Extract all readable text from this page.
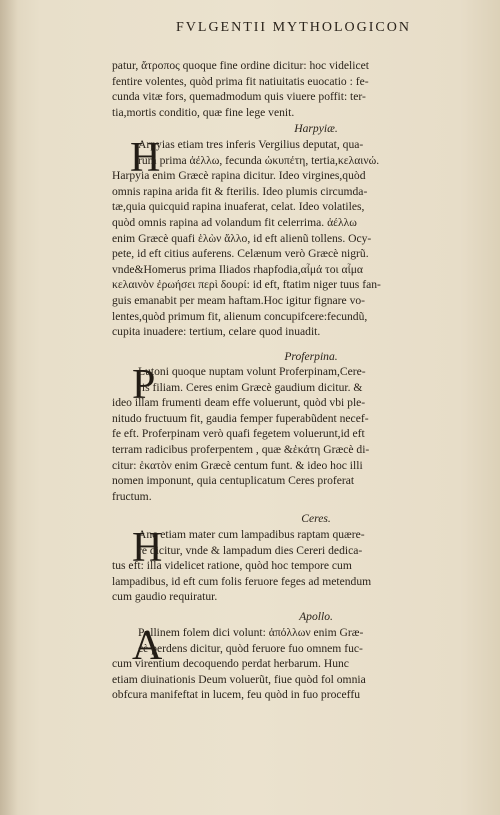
FVLGENTII MYTHOLOGICON
patur, ἄτροπος quoque fine ordine dicitur: hoc videlicet
fentire volentes, quòd prima fit natiuitatis euocatio : fe-
cunda vitæ fors, quemadmodum quis viuere poffit: ter-
tia,mortis conditio, quæ fine lege venit.
Harpyiæ.
H
Arpyias etiam tres inferis Vergilius deputat, qua-
rum prima ἀέλλω, fecunda ὠκυπέτη, tertia,κελαινώ.
Harpyia enim Græcè rapina dicitur. Ideo virgines,quòd
omnis rapina arida fit & fterilis. Ideo plumis circumda-
tæ,quia quicquid rapina inuaferat, celat. Ideo volatiles,
quòd omnis rapina ad volandum fit celerrima. ἀέλλω
enim Græcè quafi ἑλὼν ἄλλο, id eft alienũ tollens. Ocy-
pete, id eft citius auferens. Celænum verò Græcè nigrũ.
vnde&Homerus prima Iliados rhapfodia,αἷμά τοι αἷμα
κελαινὸν ἐρωήσει περὶ δουρί: id eft, ftatim niger tuus fan-
guis emanabit per meam haftam.Hoc igitur fignare vo-
lentes,quòd primum fit, alienum concupifcere:fecundũ,
cupita inuadere: tertium, celare quod inuadit.
Proferpina.
P
Lutoni quoque nuptam volunt Proferpinam,Cere-
ris filiam. Ceres enim Græcè gaudium dicitur. &
ideo illam frumenti deam effe voluerunt, quòd vbi ple-
nitudo fructuum fit, gaudia femper fuperabũdent necef-
fe eft. Proferpinam verò quafi fegetem voluerunt,id eft
terram radicibus proferpentem , quæ &ἑκάτη Græcè di-
citur: ἑκατὸν enim Græcè centum funt. & ideo hoc illi
nomen imponunt, quia centuplicatum Ceres proferat
fructum.
Ceres.
H
Anc etiam mater cum lampadibus raptam quære-
re dicitur, vnde & lampadum dies Cereri dedica-
tus eft: illa videlicet ratione, quòd hoc tempore cum
lampadibus, id eft cum folis feruore feges ad metendum
cum gaudio requiratur.
Apollo.
A
Pollinem folem dici volunt: ἀπόλλων enim Græ-
cè perdens dicitur, quòd feruore fuo omnem fuc-
cum virentium decoquendo perdat herbarum. Hunc
etiam diuinationis Deum voluerũt, fiue quòd fol omnia
obfcura manifeftat in lucem, feu quòd in fuo proceffu
